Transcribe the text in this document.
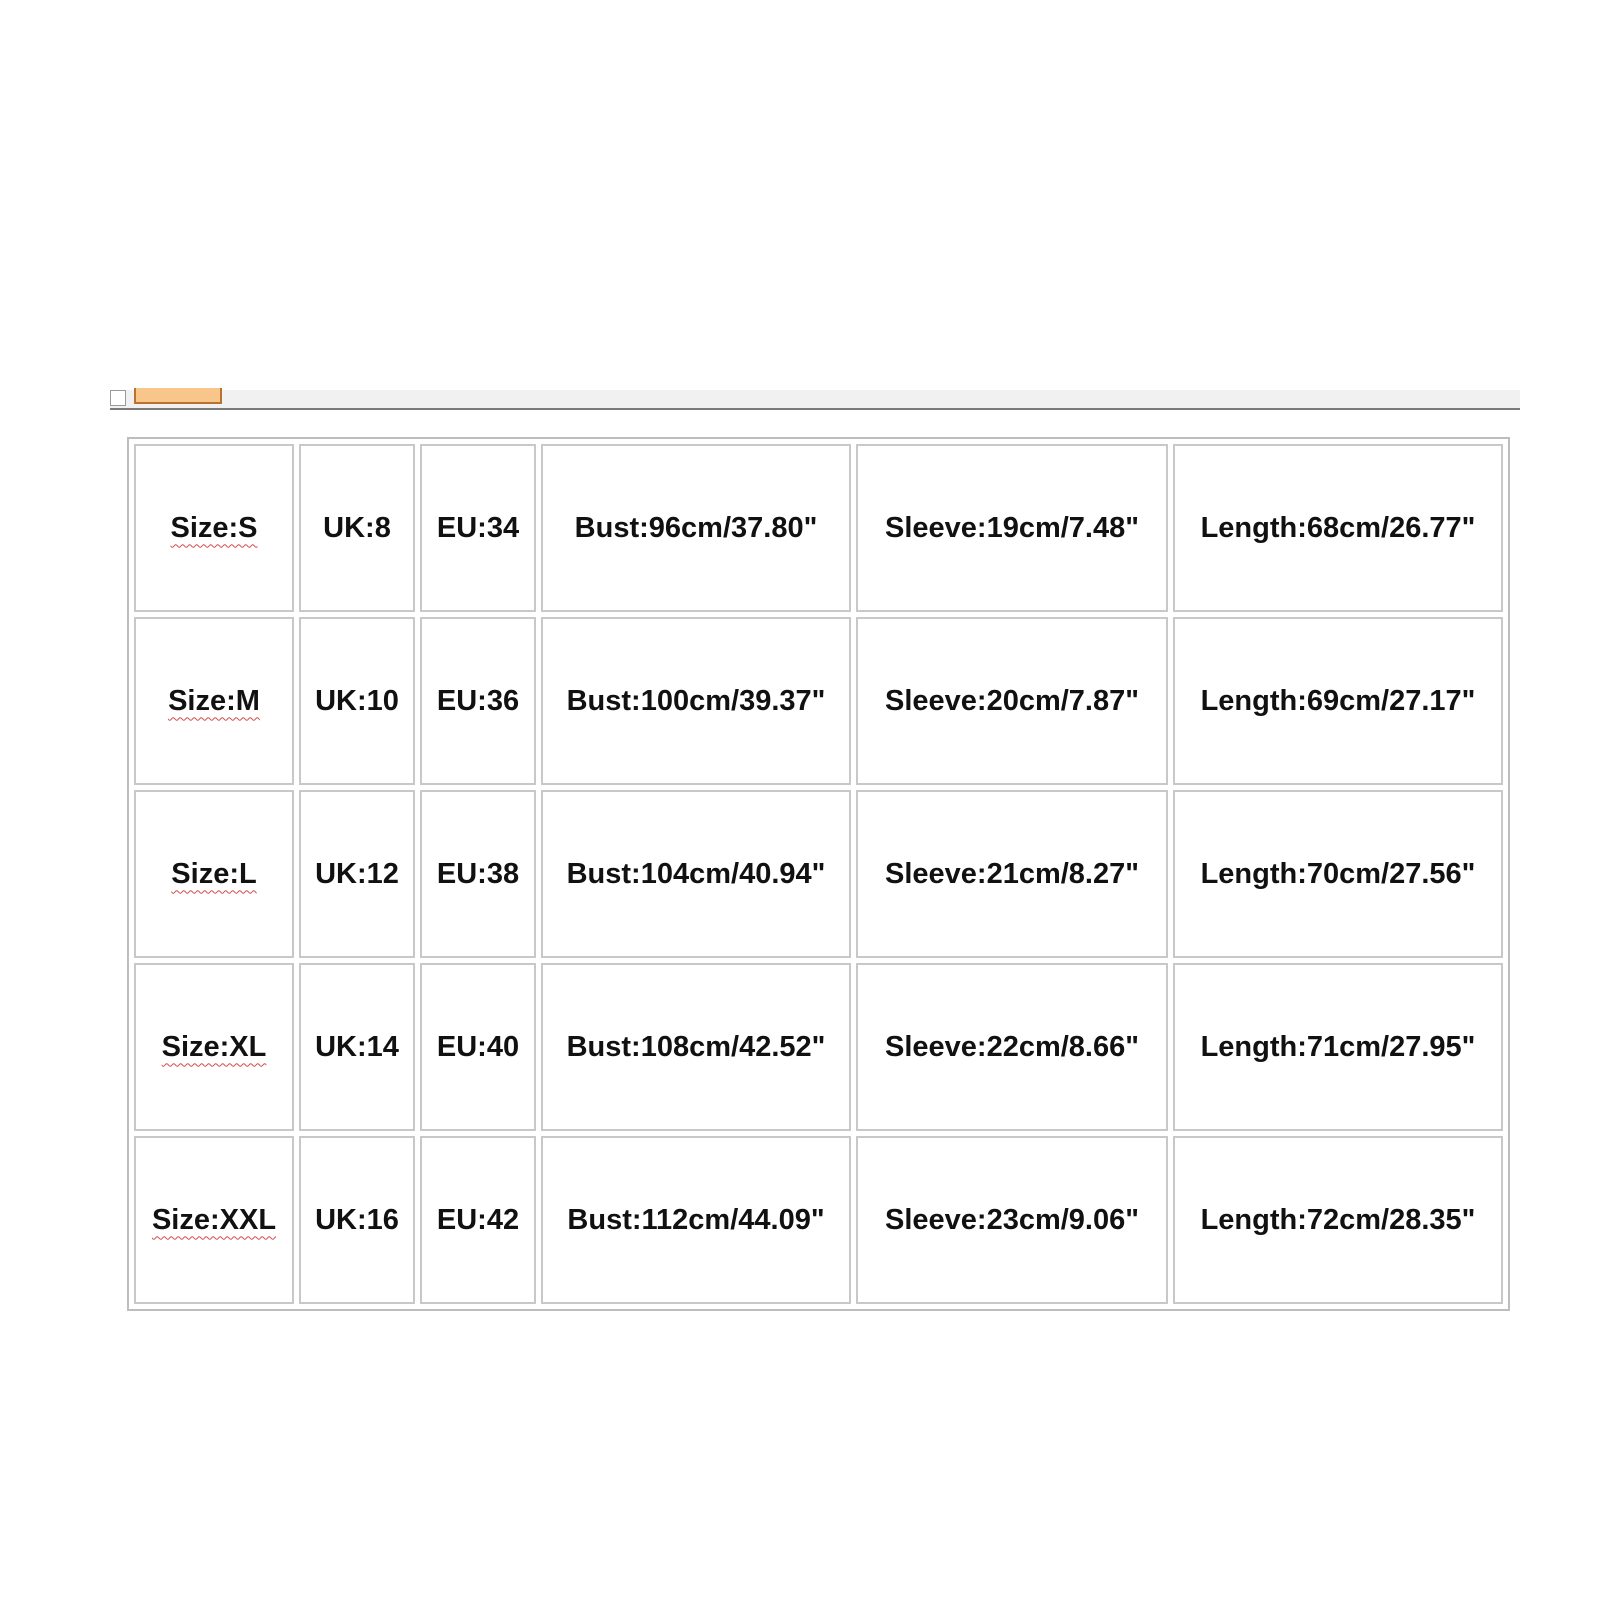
Size:S	UK:8	EU:34	Bust:96cm/37.80"	Sleeve:19cm/7.48"	Length:68cm/26.77"
Size:M	UK:10	EU:36	Bust:100cm/39.37"	Sleeve:20cm/7.87"	Length:69cm/27.17"
Size:L	UK:12	EU:38	Bust:104cm/40.94"	Sleeve:21cm/8.27"	Length:70cm/27.56"
Size:XL	UK:14	EU:40	Bust:108cm/42.52"	Sleeve:22cm/8.66"	Length:71cm/27.95"
Size:XXL	UK:16	EU:42	Bust:112cm/44.09"	Sleeve:23cm/9.06"	Length:72cm/28.35"
